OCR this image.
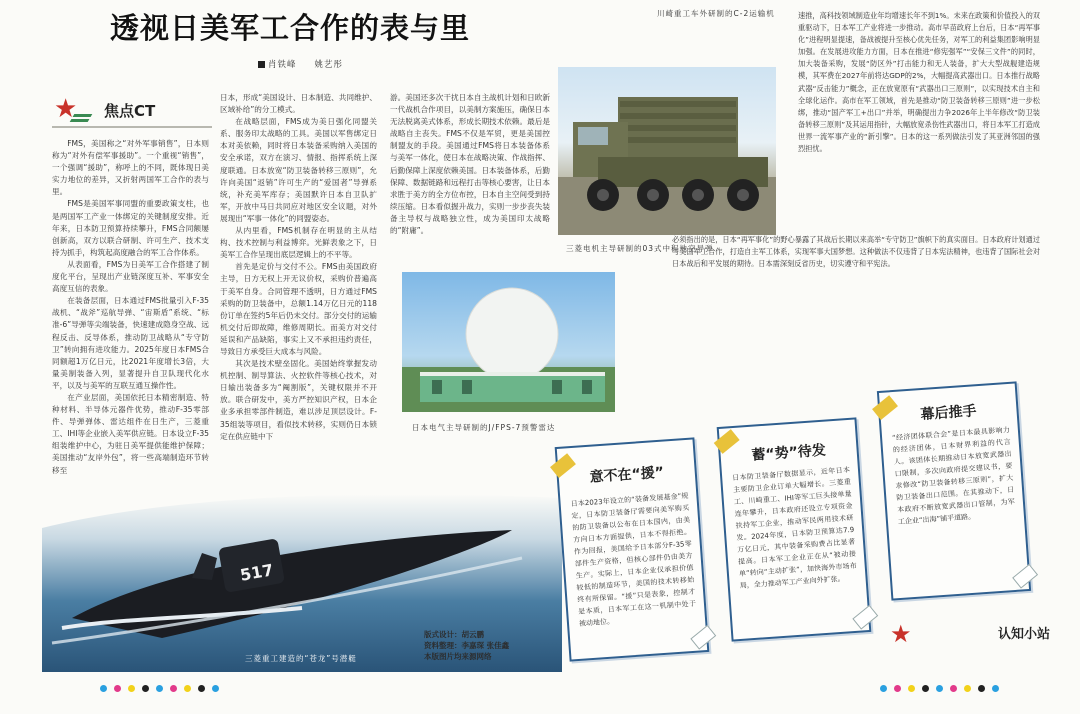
透视日美军工合作的表与里
肖铁峰 姚艺彤
★ 焦点CT

FMS，美国称之“对外军事销售”，日本则称为“对外有偿军事援助”。一个重视“销售”，一个强调“援助”，称呼上的不同，既体现日美实力地位的差异，又折射两国军工合作的表与里。

FMS是美国军事同盟的重要政策支柱，也是两国军工产业一体绑定的关键制度安排。近年来，日本防卫预算持续攀升，FMS合同额屡创新高，双方以联合研制、许可生产、技术支持为抓手，构筑起高度融合的军工合作体系。

从表面看，FMS为日美军工合作搭建了制度化平台，呈现出产业链深度互补、军事安全高度互信的表象。

在装备层面，日本通过FMS批量引入F-35战机、“战斧”巡航导弹、“宙斯盾”系统、“标准-6”导弹等尖端装备，快速建成隐身空战、远程反击、反导体系，推动防卫战略从“专守防卫”转向拥有进攻能力。2025年度日本FMS合同额超1万亿日元，比2021年度增长3倍，大量美制装备入列，显著提升自卫队现代化水平，以及与美军的互联互通互操作性。

在产业层面，美国依托日本精密制造、特种材料、半导体元器件优势，推动F-35零部件、导弹弹体、雷达组件在日生产，三菱重工、IHI等企业嵌入美军供应链。日本设立F-35组装维护中心，为驻日美军提供能维护保障；美国推动“友岸外包”，将一些高端制造环节转移至

日本，形成“美国设计、日本制造、共同维护、区域补给”的分工模式。

在战略层面，FMS成为美日强化同盟关系、服务印太战略的工具。美国以军售绑定日本对美依赖，同时将日本装备采购纳入美国的安全承诺，双方在演习、情报、指挥系统上深度联通。日本放宽“防卫装备转移三原则”，允许向美国“返销”许可生产的“爱国者”导弹系统，补充美军库存；美国默许日本自卫队扩军，开放中马日共同应对地区安全议题，对外展现出“军事一体化”的同盟姿态。

从内里看，FMS机制存在明显的主从结构、技术控制与利益博弈。光鲜表象之下，日美军工合作呈现出底层逻辑上的不平等。

首先是定价与交付不公。FMS由美国政府主导，日方无权上开无议价权，采购价普遍高于美军自身。合同管理不透明，日方通过FMS采购的防卫装备中，总额1.14万亿日元的118份订单在签约5年后仍未交付。部分交付的运输机交付后即故障，维修周期长。而美方对交付延误和产品缺陷，事实上又不承担违约责任，导致日方承受巨大成本与风险。

其次是技术壁垒固化。美国始终掌握发动机控制、制导算法、火控软件等核心技术，对日输出装备多为“阉割版”，关键权限并不开放。联合研发中，美方严控知识产权，日本企业多承担零部件制造，难以涉足顶层设计。F-35组装等项目，看似技术转移，实则仍日本锁定在供应链中下

游。美国还多次干扰日本自主战机计划和日欧新一代战机合作项目，以美制方案施压，确保日本无法脱离美式体系，形成长期技术依赖。最后是战略自主丧失。FMS不仅是军贸，更是美国控制盟友的手段。美国通过FMS将日本装备体系与美军一体化，使日本在战略决策、作战指挥、后勤保障上深度依赖美国。日本装备体系，后勤保障、数据链路和远程打击等核心要害，让日本求胜于美方的全方位布控，日本自主空间受到持续压缩。日本看似握升战力，实则一步步丧失装备主导权与战略独立性，成为美国印太战略的“附庸”。
川崎重工车外研制的C-2运输机	速推，高科技领域制造业年均增速长年不到1%。未来在政策和价值投入的双重驱动下，日本军工产业将进一步推动。高市早苗政府上台后，日本“再军事化”进程明显提速，备战被提升至核心优先任务，对军工的利益集团影响明显加强。在发展进攻能力方面，日本在推进“修宪强军”“安保三文件”的同时，加大装备采购，发展“防区外”打击能力和无人装备，扩大大型战舰建造规模，其军费在2027年前将达GDP的2%，大幅提高武器出口。日本推行战略武器“反击能力”概念，正在放宽原有“武器出口三原则”，以实现技术自主和全球化运作。高市在军工领域，首先是推动“防卫装备转移三原则”进一步松绑，推动“国产军工+出口”并举，明确提出力争2026年上半年修改“防卫装备转移三原则”及其运用指针，大幅放宽杀伤性武器出口，将日本军工打造成世界一流军事产业的“新引擎”。日本的这一系列做法引发了其亚洲邻国的强烈担忧。
必须指出的是，日本“再军事化”的野心暴露了其战后长期以来高举“专守防卫”旗帜下的真实面目。日本政府计划通过与美国军工合作，打造自主军工体系，实现军事大国梦想。这种做法不仅违背了日本宪法精神，也违背了国际社会对日本战后和平发展的期待。日本需深刻反省历史，切实遵守和平宪法。
三菱电机主导研制的03式中程地空导弹
日本电气主导研制的J/FPS-7预警雷达
517
三菱重工建造的“苍龙”号潜艇
意不在“援”
日本2023年设立的“装备发展基金”规定，日本防卫装备厅需要向美军购买的防卫装备以公布在日本国内，由美方向日本方面提供，日本不得拒绝。作为回报，美国给予日本部分F-35零部件生产资格，但核心部件仍由美方生产。实际上，日本企业仅承担价值较低的制造环节，美国的技术转移始终有所保留。“援”只是表象，控制才是本质，日本军工在这一机制中处于被动地位。
蓄“势”待发
日本防卫装备厅数据显示，近年日本主要防卫企业订单大幅增长。三菱重工、川崎重工、IHI等军工巨头接单量连年攀升，日本政府还设立专项资金扶持军工企业，推动军民两用技术研发。2024年度，日本防卫预算达7.9万亿日元，其中装备采购费占比显著提高。日本军工企业正在从“被动接单”转向“主动扩张”，加快海外市场布局，全力推动军工产业向外扩张。
幕后推手
“经济团体联合会”是日本最具影响力的经济团体，日本财界利益的代言人。该团体长期推动日本放宽武器出口限制，多次向政府提交建议书，要求修改“防卫装备转移三原则”，扩大防卫装备出口范围。在其推动下，日本政府不断放宽武器出口管制，为军工企业“出海”铺平道路。
版式设计：胡云鹏
资料整理：李嘉琛 张佳鑫
本版图片均来源网络
★	认知小站
